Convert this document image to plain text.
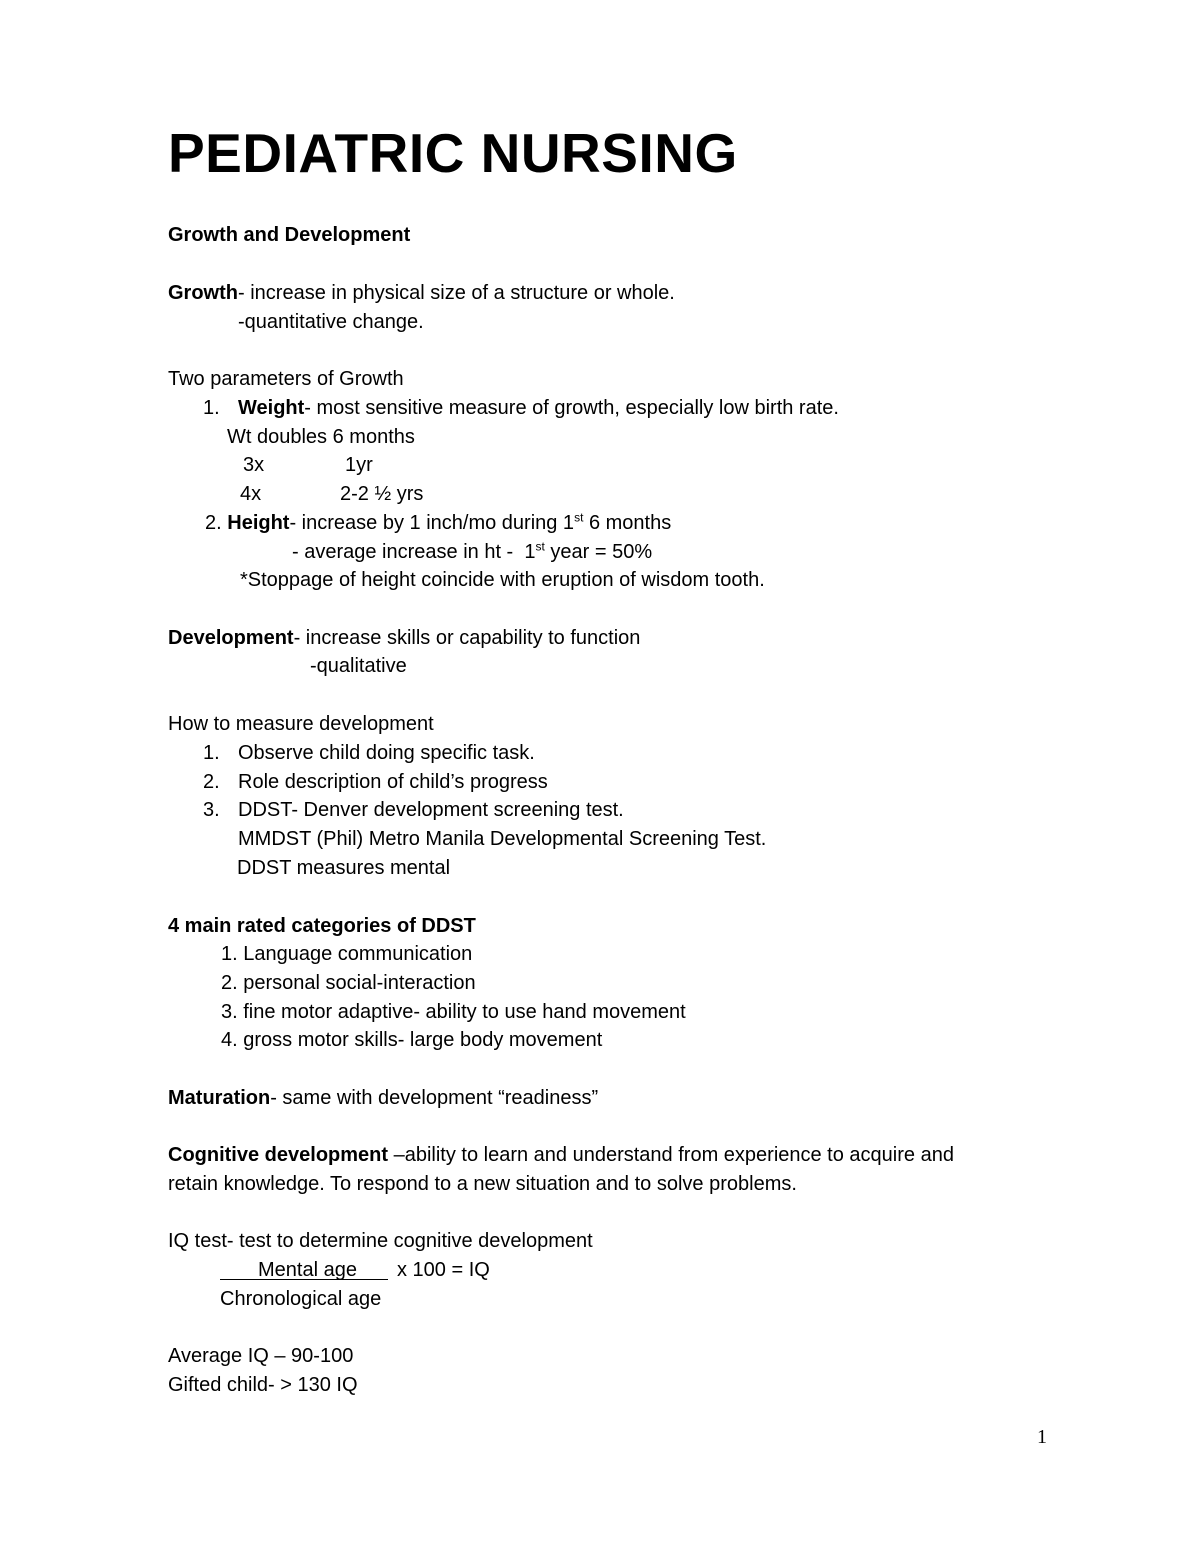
PEDIATRIC NURSING

Growth and Development

Growth- increase in physical size of a structure or whole.

-quantitative change.

Two parameters of Growth

1. Weight- most sensitive measure of growth, especially low birth rate.

Wt doubles 6 months

3x	1yr

4x	2-2 ½ yrs

2. Height- increase by 1 inch/mo during 1st 6 months

- average increase in ht -  1st year = 50%

*Stoppage of height coincide with eruption of wisdom tooth.

Development- increase skills or capability to function

-qualitative

How to measure development

1. Observe child doing specific task.

2. Role description of child’s progress

3. DDST- Denver development screening test.

MMDST (Phil) Metro Manila Developmental Screening Test.

DDST measures mental

4 main rated categories of DDST

1. Language communication

2. personal social-interaction

3. fine motor adaptive- ability to use hand movement

4. gross motor skills- large body movement

Maturation- same with development “readiness”

Cognitive development –ability to learn and understand from experience to acquire and

retain knowledge. To respond to a new situation and to solve problems.

IQ test- test to determine cognitive development

Mental age x 100 = IQ

Chronological age

Average IQ – 90-100

Gifted child- > 130 IQ

1
